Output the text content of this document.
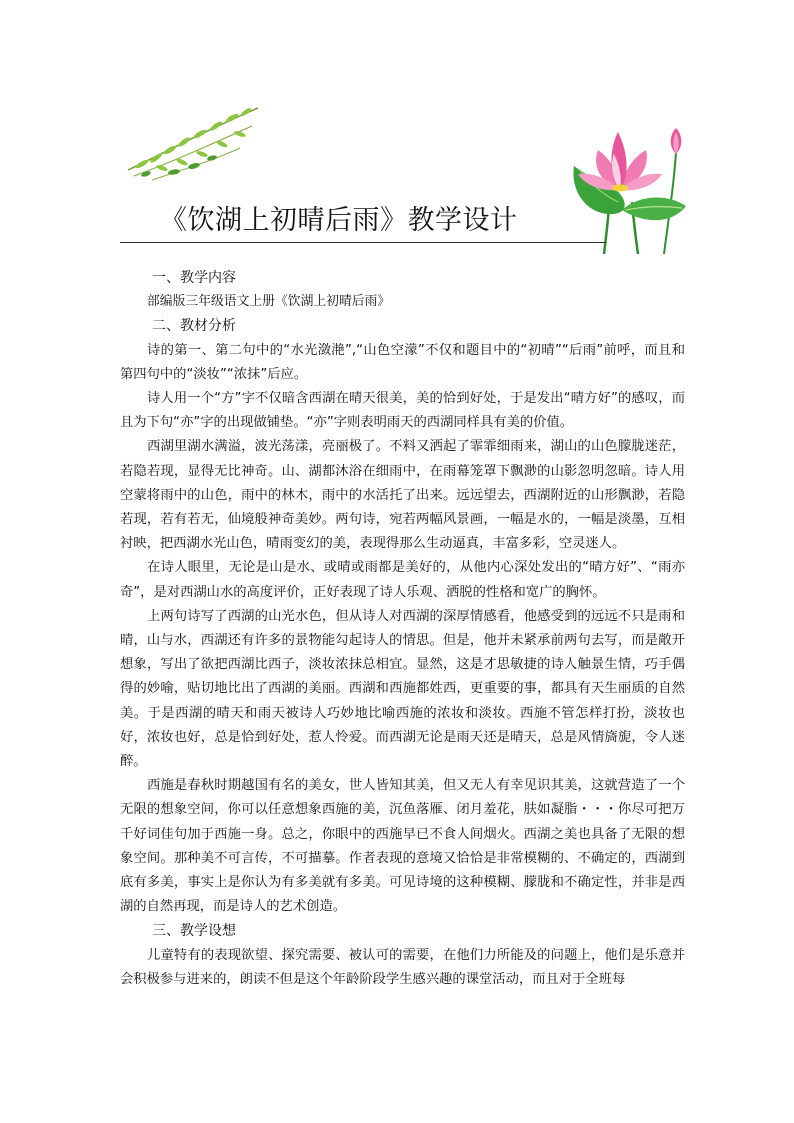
《饮湖上初晴后雨》教学设计

一、教学内容

部编版三年级语文上册《饮湖上初晴后雨》

二、教材分析

诗的第一、第二句中的“水光潋滟”,“山色空濛”不仅和题目中的“初晴”“后雨”前呼，而且和第四句中的“淡妆”“浓抹”后应。

诗人用一个“方”字不仅暗含西湖在晴天很美，美的恰到好处，于是发出“晴方好”的感叹，而且为下句“亦”字的出现做铺垫。“亦”字则表明雨天的西湖同样具有美的价值。

西湖里湖水满溢，波光荡漾，亮丽极了。不料又洒起了霏霏细雨来，湖山的山色朦胧迷茫，若隐若现，显得无比神奇。山、湖都沐浴在细雨中，在雨幕笼罩下飘渺的山影忽明忽暗。诗人用空蒙将雨中的山色，雨中的林木，雨中的水活托了出来。远远望去，西湖附近的山形飘渺，若隐若现，若有若无，仙境般神奇美妙。两句诗，宛若两幅风景画，一幅是水的，一幅是淡墨，互相衬映，把西湖水光山色，晴雨变幻的美，表现得那么生动逼真，丰富多彩，空灵迷人。

在诗人眼里，无论是山是水、或晴或雨都是美好的，从他内心深处发出的“晴方好”、“雨亦奇”，是对西湖山水的高度评价，正好表现了诗人乐观、洒脱的性格和宽广的胸怀。

上两句诗写了西湖的山光水色，但从诗人对西湖的深厚情感看，他感受到的远远不只是雨和晴，山与水，西湖还有许多的景物能勾起诗人的情思。但是，他并未紧承前两句去写，而是敞开想象，写出了欲把西湖比西子，淡妆浓抹总相宜。显然，这是才思敏捷的诗人触景生情，巧手偶得的妙喻，贴切地比出了西湖的美丽。西湖和西施都姓西，更重要的事，都具有天生丽质的自然美。于是西湖的晴天和雨天被诗人巧妙地比喻西施的浓妆和淡妆。西施不管怎样打扮，淡妆也好，浓妆也好，总是恰到好处，惹人怜爱。而西湖无论是雨天还是晴天，总是风情旖旎，令人迷醉。

西施是春秋时期越国有名的美女，世人皆知其美，但又无人有幸见识其美，这就营造了一个无限的想象空间，你可以任意想象西施的美，沉鱼落雁、闭月羞花，肤如凝脂・・・你尽可把万千好词佳句加于西施一身。总之，你眼中的西施早已不食人间烟火。西湖之美也具备了无限的想象空间。那种美不可言传，不可描摹。作者表现的意境又恰恰是非常模糊的、不确定的，西湖到底有多美，事实上是你认为有多美就有多美。可见诗境的这种模糊、朦胧和不确定性，并非是西湖的自然再现，而是诗人的艺术创造。

三、教学设想

儿童特有的表现欲望、探究需要、被认可的需要，在他们力所能及的问题上，他们是乐意并会积极参与进来的，朗读不但是这个年龄阶段学生感兴趣的课堂活动，而且对于全班每
